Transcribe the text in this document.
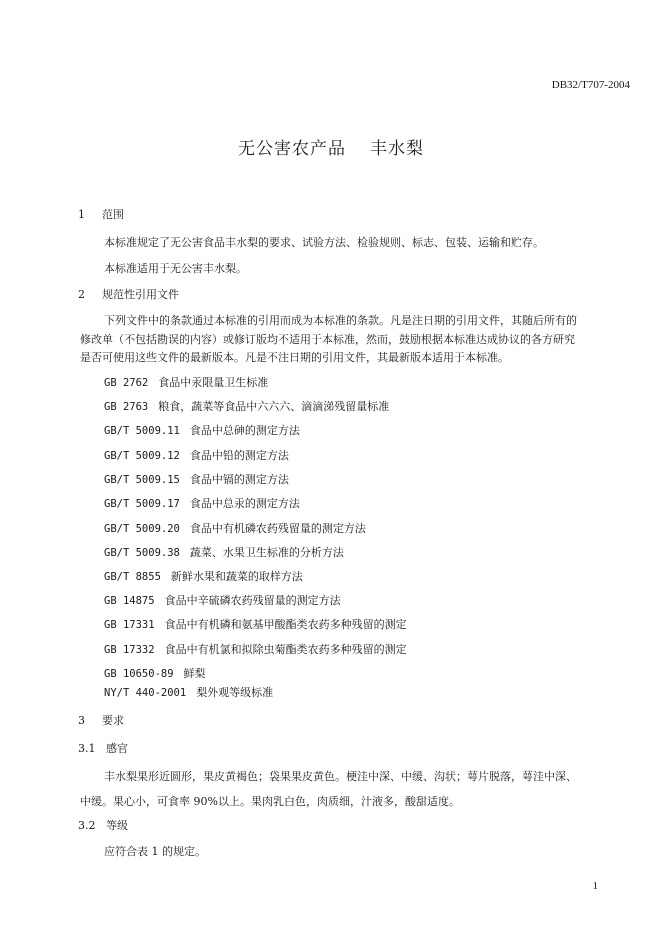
DB32/T707-2004
无公害农产品 丰水梨
1 范围
本标准规定了无公害食品丰水梨的要求、试验方法、检验规则、标志、包装、运输和贮存。
本标准适用于无公害丰水梨。
2 规范性引用文件
下列文件中的条款通过本标准的引用而成为本标准的条款。凡是注日期的引用文件，其随后所有的
修改单（不包括勘误的内容）或修订版均不适用于本标准，然而，鼓励根据本标准达成协议的各方研究
是否可使用这些文件的最新版本。凡是不注日期的引用文件，其最新版本适用于本标准。
GB 2762 食品中汞限量卫生标准
GB 2763 粮食，蔬菜等食品中六六六、滴滴涕残留量标准
GB/T 5009.11 食品中总砷的测定方法
GB/T 5009.12 食品中铅的测定方法
GB/T 5009.15 食品中镉的测定方法
GB/T 5009.17 食品中总汞的测定方法
GB/T 5009.20 食品中有机磷农药残留量的测定方法
GB/T 5009.38 蔬菜、水果卫生标准的分析方法
GB/T 8855 新鲜水果和蔬菜的取样方法
GB 14875 食品中辛硫磷农药残留量的测定方法
GB 17331 食品中有机磷和氨基甲酸酯类农药多种残留的测定
GB 17332 食品中有机氯和拟除虫菊酯类农药多种残留的测定
GB 10650-89 鲜梨
NY/T 440-2001 梨外观等级标准
3 要求
3.1 感官
丰水梨果形近圆形，果皮黄褐色；袋果果皮黄色。梗洼中深、中缓、沟状；萼片脱落，萼洼中深、
中缓。果心小，可食率 90%以上。果肉乳白色，肉质细，汁液多，酸甜适度。
3.2 等级
应符合表 1 的规定。
1
